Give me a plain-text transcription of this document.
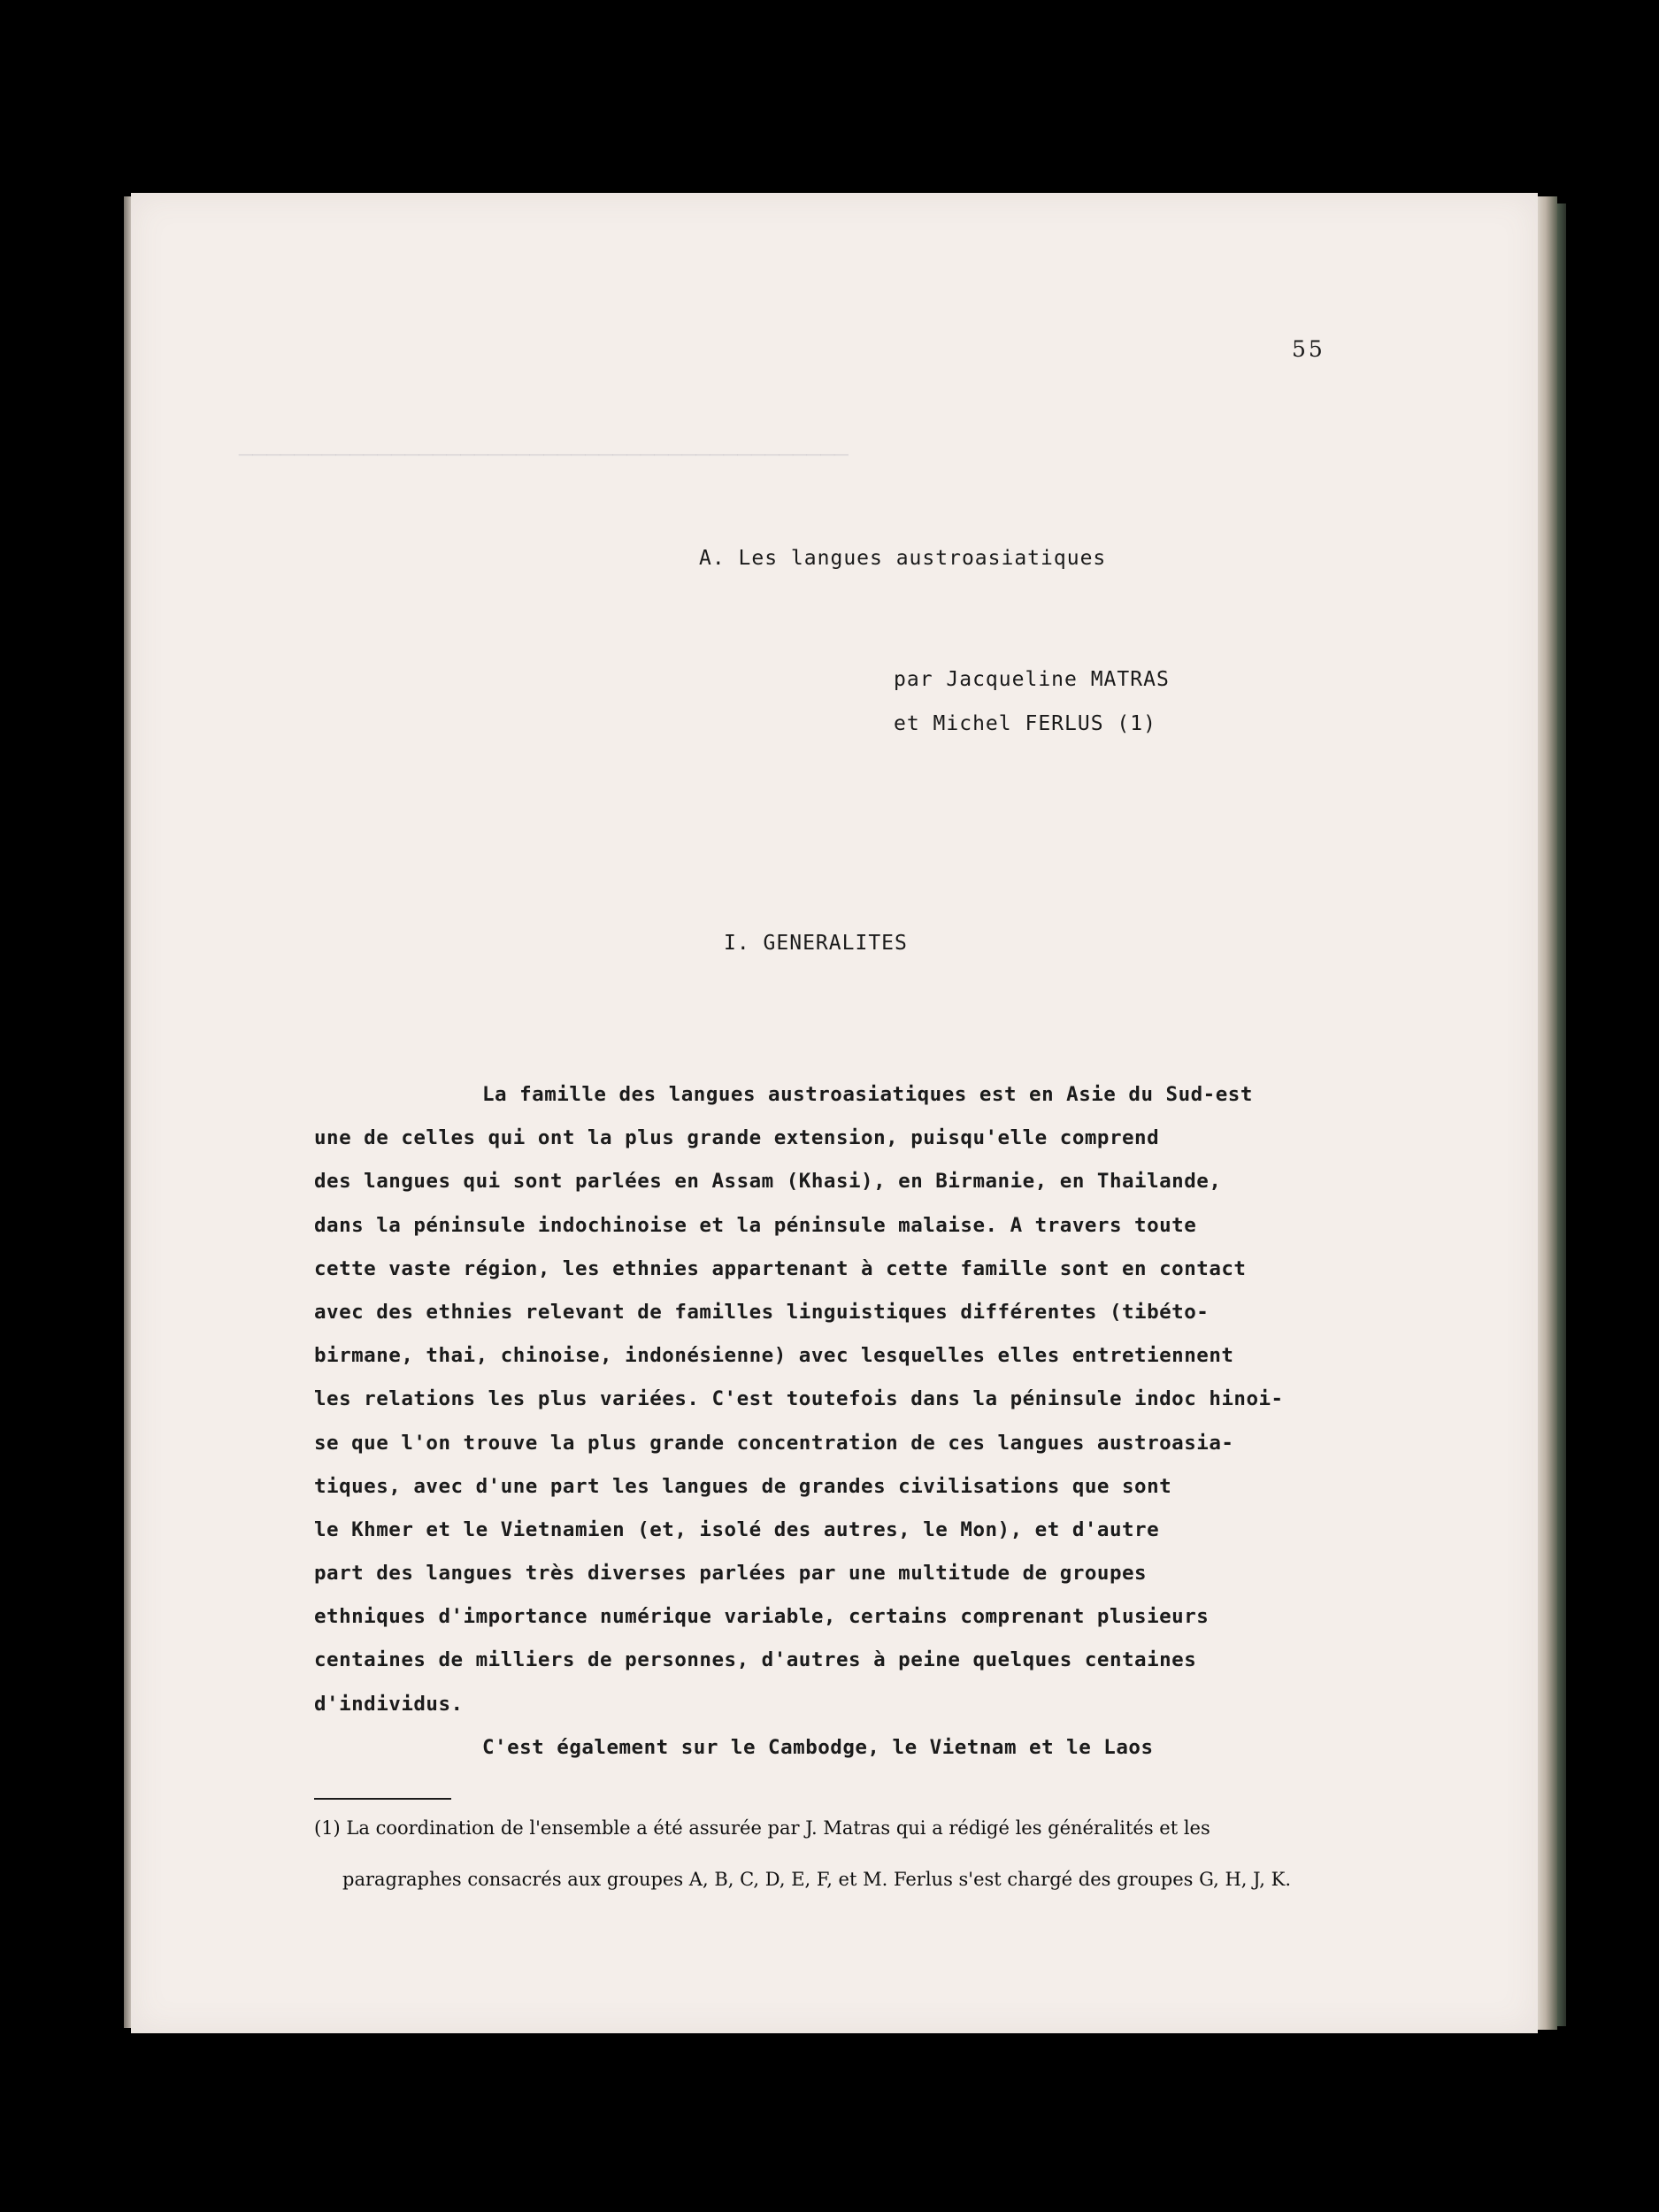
────────────────────────────────────────────
55
A. Les langues austroasiatiques
par Jacqueline MATRAS
et Michel FERLUS (1)
I. GENERALITES
La famille des langues austroasiatiques est en Asie du Sud-est
une de celles qui ont la plus grande extension, puisqu'elle comprend
des langues qui sont parlées en Assam (Khasi), en Birmanie, en Thailande,
dans la péninsule indochinoise et la péninsule malaise. A travers toute
cette vaste région, les ethnies appartenant à cette famille sont en contact
avec des ethnies relevant de familles linguistiques différentes (tibéto-
birmane, thai, chinoise, indonésienne) avec lesquelles elles entretiennent
les relations les plus variées. C'est toutefois dans la péninsule indoc hinoi-
se que l'on trouve la plus grande concentration de ces langues austroasia-
tiques, avec d'une part les langues de grandes civilisations que sont
le Khmer et le Vietnamien (et, isolé des autres, le Mon), et d'autre
part des langues très diverses parlées par une multitude de groupes
ethniques d'importance numérique variable, certains comprenant plusieurs
centaines de milliers de personnes, d'autres à peine quelques centaines
d'individus.
C'est également sur le Cambodge, le Vietnam et le Laos
(1) La coordination de l'ensemble a été assurée par J. Matras qui a rédigé les généralités et les
paragraphes consacrés aux groupes A, B, C, D, E, F, et M. Ferlus s'est chargé des groupes G, H, J, K.
